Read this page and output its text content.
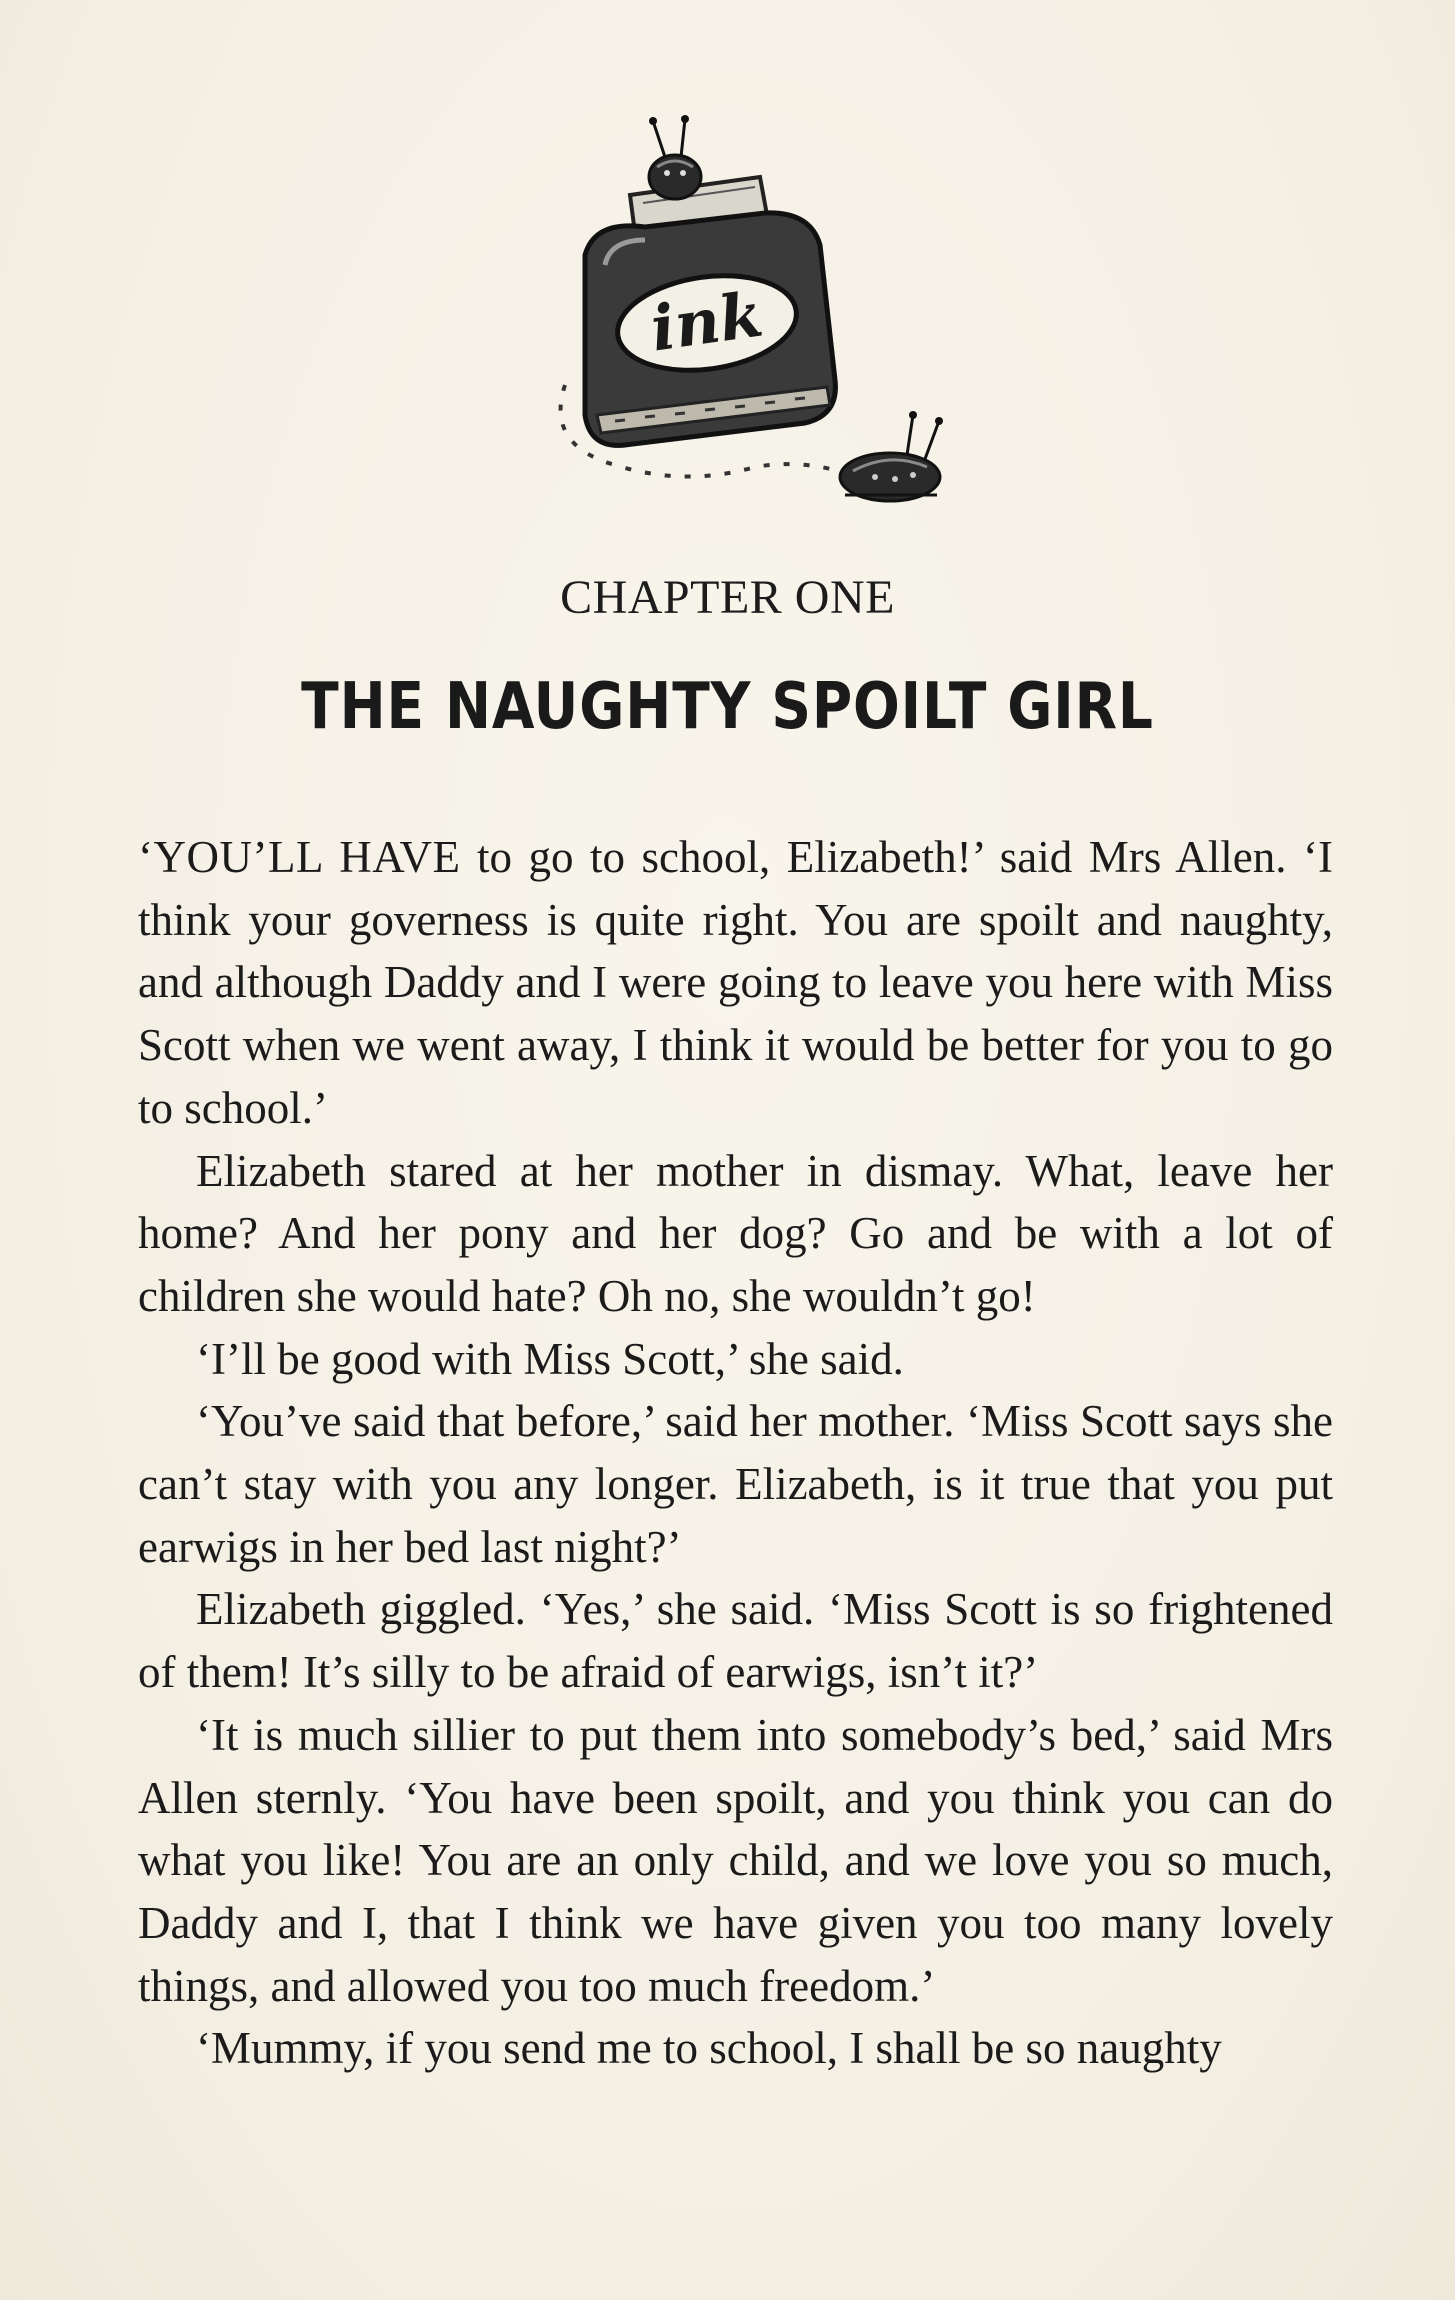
ink
CHAPTER ONE
THE NAUGHTY SPOILT GIRL

‘YOU’LL HAVE to go to school, Elizabeth!’ said Mrs Allen. ‘I think your governess is quite right. You are spoilt and naughty, and although Daddy and I were going to leave you here with Miss Scott when we went away, I think it would be better for you to go to school.’

Elizabeth stared at her mother in dismay. What, leave her home? And her pony and her dog? Go and be with a lot of children she would hate? Oh no, she wouldn’t go!

‘I’ll be good with Miss Scott,’ she said.

‘You’ve said that before,’ said her mother. ‘Miss Scott says she can’t stay with you any longer. Elizabeth, is it true that you put earwigs in her bed last night?’

Elizabeth giggled. ‘Yes,’ she said. ‘Miss Scott is so frightened of them! It’s silly to be afraid of earwigs, isn’t it?’

‘It is much sillier to put them into somebody’s bed,’ said Mrs Allen sternly. ‘You have been spoilt, and you think you can do what you like! You are an only child, and we love you so much, Daddy and I, that I think we have given you too many lovely things, and allowed you too much freedom.’

‘Mummy, if you send me to school, I shall be so naughty
